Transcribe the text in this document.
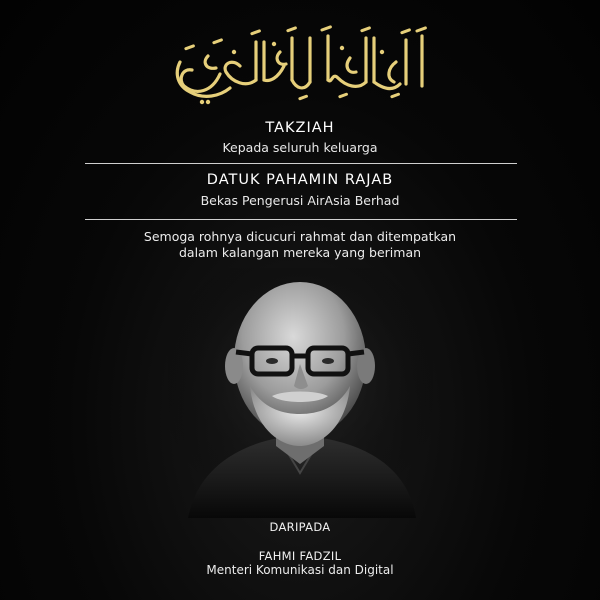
TAKZIAH
Kepada seluruh keluarga
DATUK PAHAMIN RAJAB
Bekas Pengerusi AirAsia Berhad
Semoga rohnya dicucuri rahmat dan ditempatkan
dalam kalangan mereka yang beriman
DARIPADA
FAHMI FADZIL
Menteri Komunikasi dan Digital
